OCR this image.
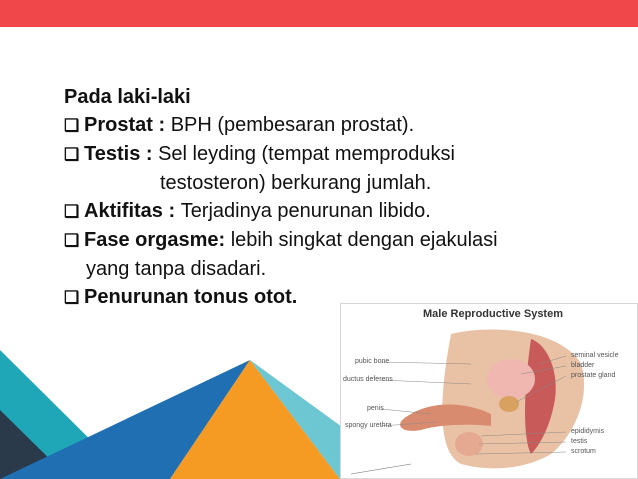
Pada laki-laki
❑ Prostat : BPH (pembesaran prostat).
❑ Testis : Sel leyding (tempat memproduksi
testosteron) berkurang jumlah.
❑ Aktifitas : Terjadinya penurunan libido.
❑ Fase orgasme: lebih singkat dengan ejakulasi
yang tanpa disadari.
❑ Penurunan tonus otot.
Male Reproductive System
pubic bone
ductus deferens
penis
spongy urethra
seminal vesicle
bladder
prostate gland
epididymis
testis
scrotum
